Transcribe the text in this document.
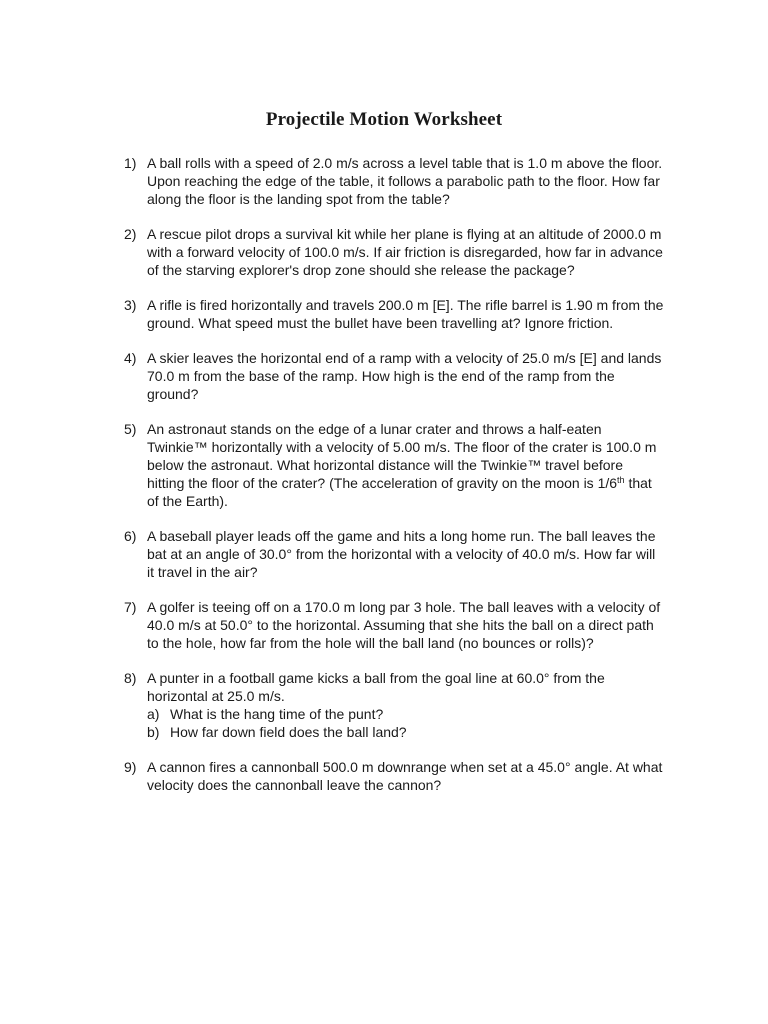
Projectile Motion Worksheet
1) A ball rolls with a speed of 2.0 m/s across a level table that is 1.0 m above the floor. Upon reaching the edge of the table, it follows a parabolic path to the floor. How far along the floor is the landing spot from the table?
2) A rescue pilot drops a survival kit while her plane is flying at an altitude of 2000.0 m with a forward velocity of 100.0 m/s. If air friction is disregarded, how far in advance of the starving explorer's drop zone should she release the package?
3) A rifle is fired horizontally and travels 200.0 m [E]. The rifle barrel is 1.90 m from the ground. What speed must the bullet have been travelling at? Ignore friction.
4) A skier leaves the horizontal end of a ramp with a velocity of 25.0 m/s [E] and lands 70.0 m from the base of the ramp. How high is the end of the ramp from the ground?
5) An astronaut stands on the edge of a lunar crater and throws a half-eaten Twinkie™ horizontally with a velocity of 5.00 m/s. The floor of the crater is 100.0 m below the astronaut. What horizontal distance will the Twinkie™ travel before hitting the floor of the crater? (The acceleration of gravity on the moon is 1/6th that of the Earth).
6) A baseball player leads off the game and hits a long home run. The ball leaves the bat at an angle of 30.0° from the horizontal with a velocity of 40.0 m/s. How far will it travel in the air?
7) A golfer is teeing off on a 170.0 m long par 3 hole. The ball leaves with a velocity of 40.0 m/s at 50.0° to the horizontal. Assuming that she hits the ball on a direct path to the hole, how far from the hole will the ball land (no bounces or rolls)?
8) A punter in a football game kicks a ball from the goal line at 60.0° from the horizontal at 25.0 m/s.
a) What is the hang time of the punt?
b) How far down field does the ball land?
9) A cannon fires a cannonball 500.0 m downrange when set at a 45.0° angle. At what velocity does the cannonball leave the cannon?
